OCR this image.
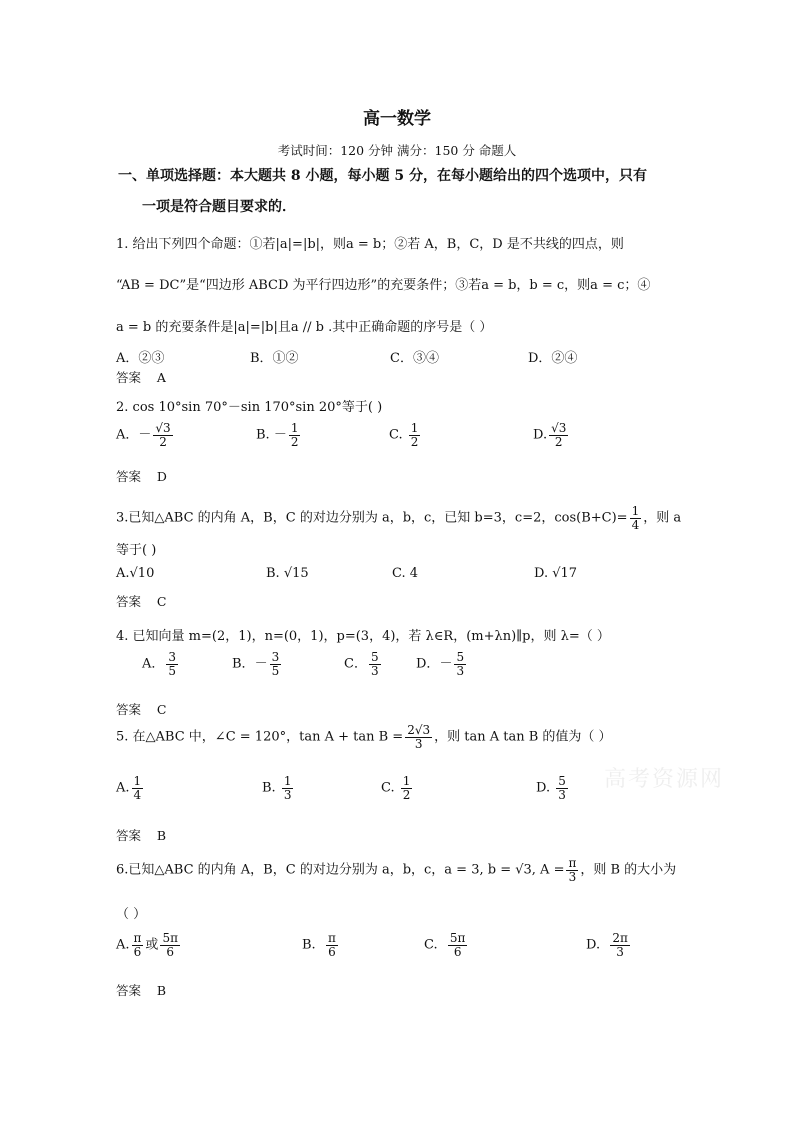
高一数学
考试时间：120 分钟 满分：150 分 命题人
一、单项选择题：本大题共 8 小题，每小题 5 分，在每小题给出的四个选项中，只有
一项是符合题目要求的．
高考资源网
1. 给出下列四个命题：①若|a|=|b|，则a = b；②若 A，B，C，D 是不共线的四点，则
“AB = DC”是“四边形 ABCD 为平行四边形”的充要条件；③若a = b，b = c，则a = c；④
a = b 的充要条件是|a|=|b|且a // b .其中正确命题的序号是（ ）
A．②③	B．①②	C．③④	D．②④
答案 A
2. cos 10°sin 70°－sin 170°sin 20°等于( )
A．－ $\frac{√3}{2}$	B. － $\frac{1}{2}$	C. $\frac{1}{2}$	D. $\frac{√3}{2}$
答案 D
3.已知△ABC 的内角 A，B，C 的对边分别为 a，b，c，已知 b=3，c=2，$\cos(B+C)= \frac{1}{4}$ ，则 a
等于( )
A.√10	B. √15	C. 4	D. √17
答案 C
4. 已知向量 m=(2，1)，n=(0，1)，p=(3，4)，若 λ∈R，(m+λn)∥p，则 λ=（ ）
A． $\frac{3}{5}$	B．－ $\frac{3}{5}$	C． $\frac{5}{3}$	D．－ $\frac{5}{3}$
答案 C
5. 在△ABC 中，∠C = 120°，$\tan A + \tan B = \frac{2√3}{3}$ ，则 tan A tan B 的值为（ ）
A. $\frac{1}{4}$	B. $\frac{1}{3}$	C. $\frac{1}{2}$	D. $\frac{5}{3}$
答案 B
6.已知△ABC 的内角 A，B，C 的对边分别为 a，b，c，a = 3, b = √3, $A = \frac{\pi}{3}$ ，则 B 的大小为
（ ）
A. $\frac{\pi}{6}$ 或 $\frac{5\pi}{6}$	B. $\frac{\pi}{6}$	C. $\frac{5\pi}{6}$	D. $\frac{2\pi}{3}$
答案 B
